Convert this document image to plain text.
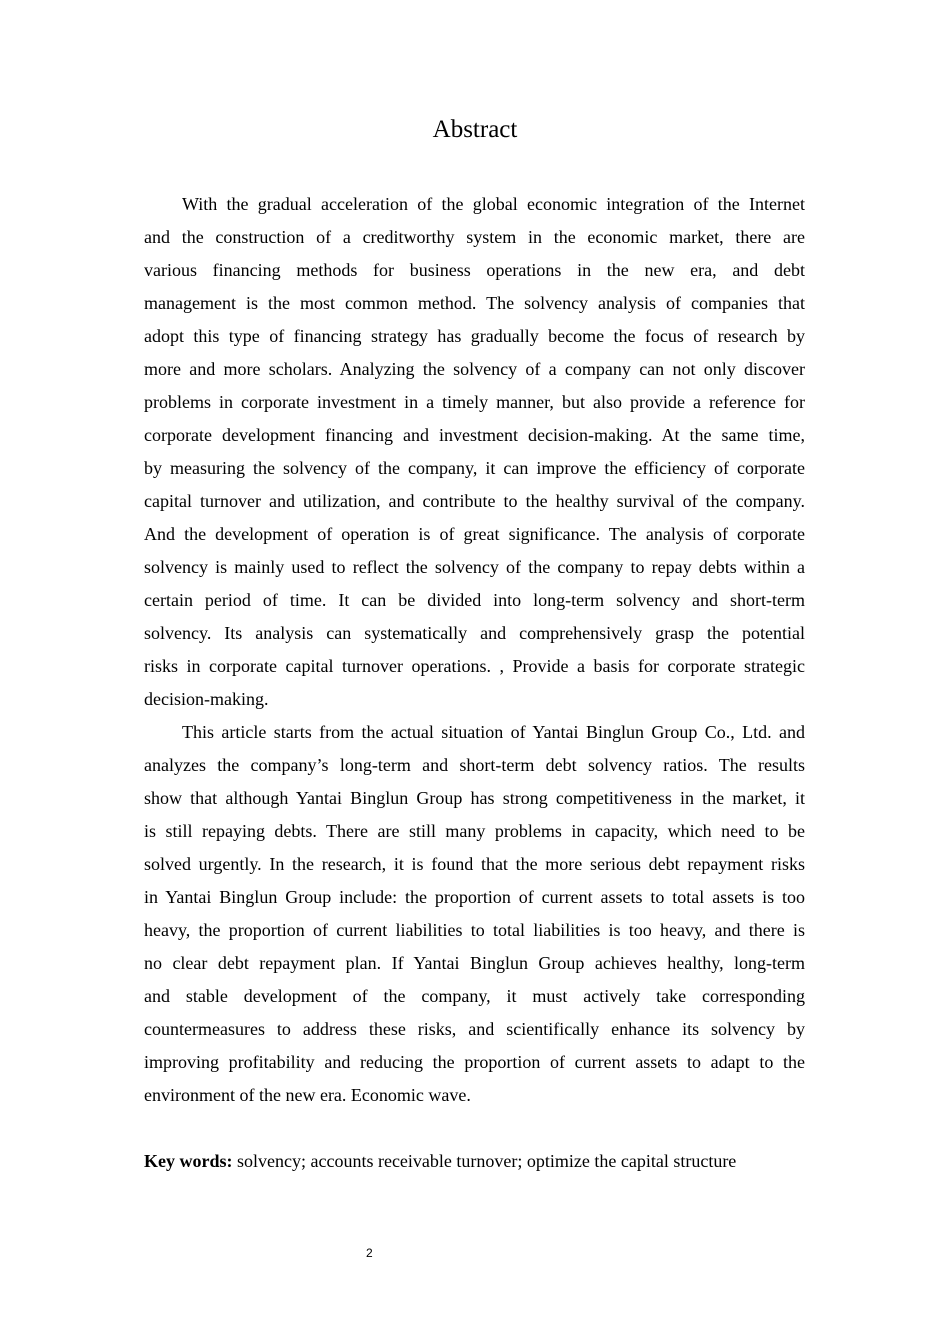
Abstract
With the gradual acceleration of the global economic integration of the Internet
and the construction of a creditworthy system in the economic market, there are
various financing methods for business operations in the new era, and debt
management is the most common method. The solvency analysis of companies that
adopt this type of financing strategy has gradually become the focus of research by
more and more scholars. Analyzing the solvency of a company can not only discover
problems in corporate investment in a timely manner, but also provide a reference for
corporate development financing and investment decision-making. At the same time,
by measuring the solvency of the company, it can improve the efficiency of corporate
capital turnover and utilization, and contribute to the healthy survival of the company.
And the development of operation is of great significance. The analysis of corporate
solvency is mainly used to reflect the solvency of the company to repay debts within a
certain period of time. It can be divided into long-term solvency and short-term
solvency. Its analysis can systematically and comprehensively grasp the potential
risks in corporate capital turnover operations. , Provide a basis for corporate strategic
decision-making.
This article starts from the actual situation of Yantai Binglun Group Co., Ltd. and
analyzes the company’s long-term and short-term debt solvency ratios. The results
show that although Yantai Binglun Group has strong competitiveness in the market, it
is still repaying debts. There are still many problems in capacity, which need to be
solved urgently. In the research, it is found that the more serious debt repayment risks
in Yantai Binglun Group include: the proportion of current assets to total assets is too
heavy, the proportion of current liabilities to total liabilities is too heavy, and there is
no clear debt repayment plan. If Yantai Binglun Group achieves healthy, long-term
and stable development of the company, it must actively take corresponding
countermeasures to address these risks, and scientifically enhance its solvency by
improving profitability and reducing the proportion of current assets to adapt to the
environment of the new era. Economic wave.
Key words: solvency; accounts receivable turnover; optimize the capital structure
2
